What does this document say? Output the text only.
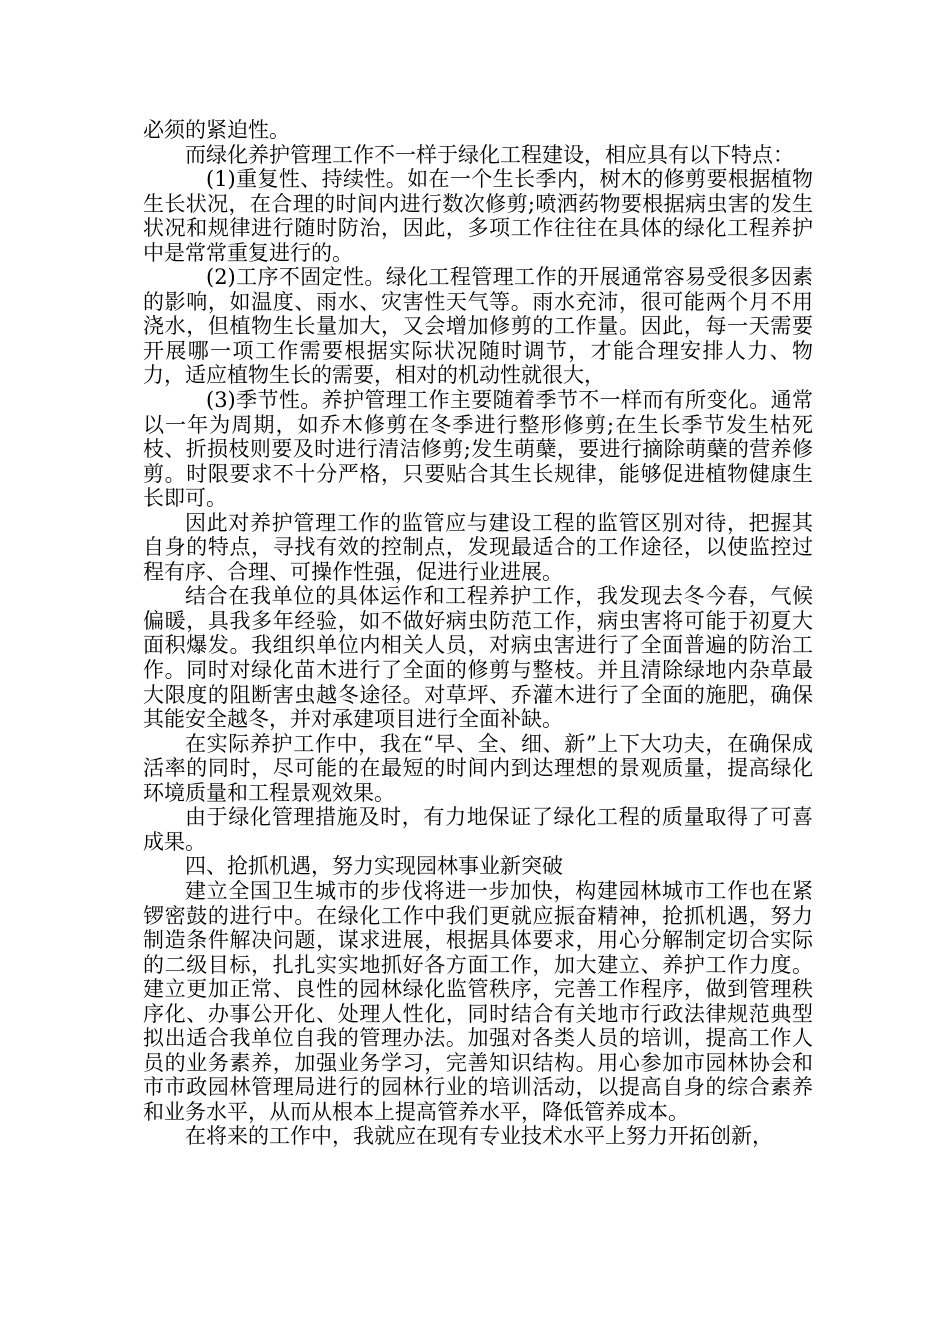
必须的紧迫性。

而绿化养护管理工作不一样于绿化工程建设，相应具有以下特点：

(1)重复性、持续性。如在一个生长季内，树木的修剪要根据植物生长状况，在合理的时间内进行数次修剪;喷洒药物要根据病虫害的发生状况和规律进行随时防治，因此，多项工作往往在具体的绿化工程养护中是常常重复进行的。

(2)工序不固定性。绿化工程管理工作的开展通常容易受很多因素的影响，如温度、雨水、灾害性天气等。雨水充沛，很可能两个月不用浇水，但植物生长量加大，又会增加修剪的工作量。因此，每一天需要开展哪一项工作需要根据实际状况随时调节，才能合理安排人力、物力，适应植物生长的需要，相对的机动性就很大，

(3)季节性。养护管理工作主要随着季节不一样而有所变化。通常以一年为周期，如乔木修剪在冬季进行整形修剪;在生长季节发生枯死枝、折损枝则要及时进行清洁修剪;发生萌蘖，要进行摘除萌蘖的营养修剪。时限要求不十分严格，只要贴合其生长规律，能够促进植物健康生长即可。

因此对养护管理工作的监管应与建设工程的监管区别对待，把握其自身的特点，寻找有效的控制点，发现最适合的工作途径，以使监控过程有序、合理、可操作性强，促进行业进展。

结合在我单位的具体运作和工程养护工作，我发现去冬今春，气候偏暖，具我多年经验，如不做好病虫防范工作，病虫害将可能于初夏大面积爆发。我组织单位内相关人员，对病虫害进行了全面普遍的防治工作。同时对绿化苗木进行了全面的修剪与整枝。并且清除绿地内杂草最大限度的阻断害虫越冬途径。对草坪、乔灌木进行了全面的施肥，确保其能安全越冬，并对承建项目进行全面补缺。

在实际养护工作中，我在“早、全、细、新”上下大功夫，在确保成活率的同时，尽可能的在最短的时间内到达理想的景观质量，提高绿化环境质量和工程景观效果。

由于绿化管理措施及时，有力地保证了绿化工程的质量取得了可喜成果。

四、抢抓机遇，努力实现园林事业新突破

建立全国卫生城市的步伐将进一步加快，构建园林城市工作也在紧锣密鼓的进行中。在绿化工作中我们更就应振奋精神，抢抓机遇，努力制造条件解决问题，谋求进展，根据具体要求，用心分解制定切合实际的二级目标，扎扎实实地抓好各方面工作，加大建立、养护工作力度。建立更加正常、良性的园林绿化监管秩序，完善工作程序，做到管理秩序化、办事公开化、处理人性化，同时结合有关地市行政法律规范典型拟出适合我单位自我的管理办法。加强对各类人员的培训，提高工作人员的业务素养，加强业务学习，完善知识结构。用心参加市园林协会和市市政园林管理局进行的园林行业的培训活动，以提高自身的综合素养和业务水平，从而从根本上提高管养水平，降低管养成本。

在将来的工作中，我就应在现有专业技术水平上努力开拓创新，
